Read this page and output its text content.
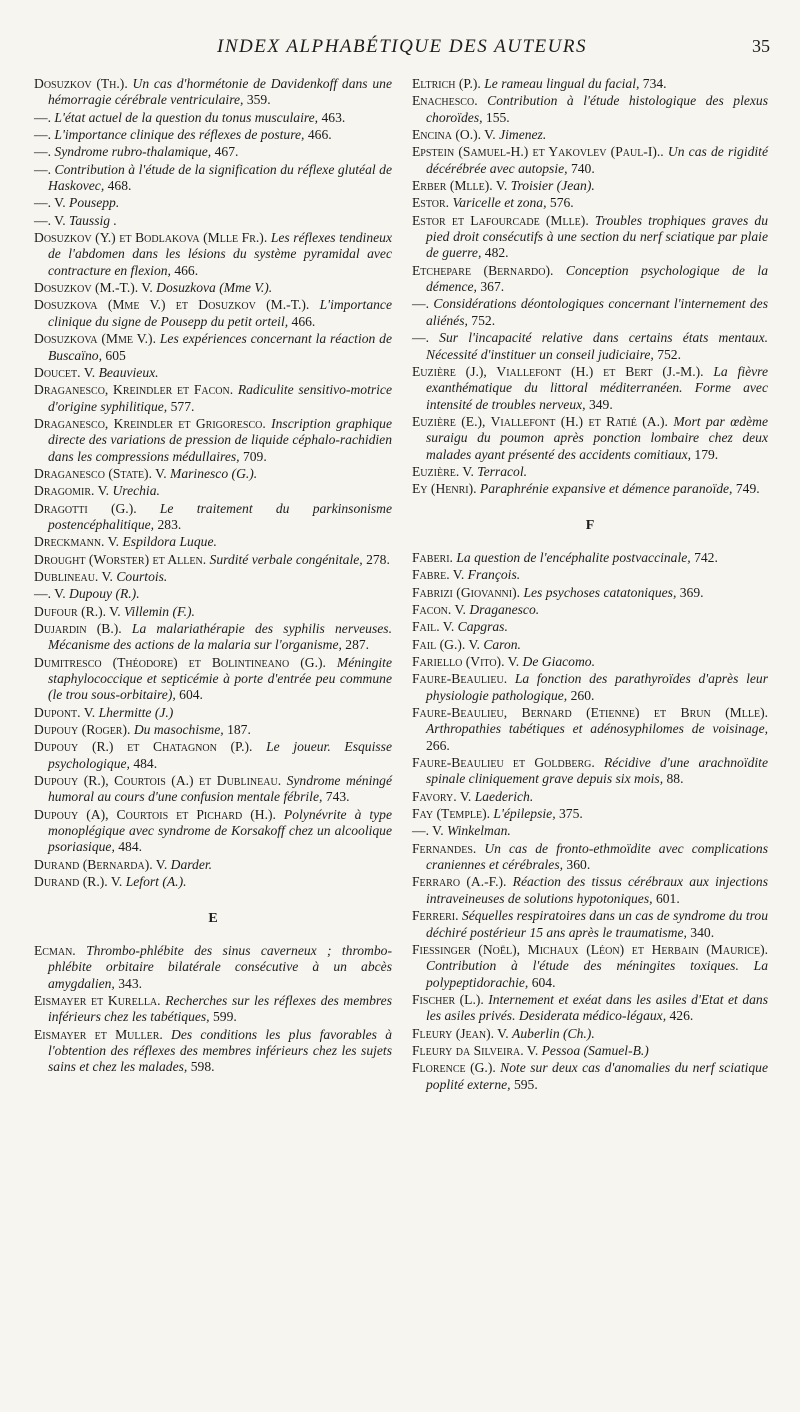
INDEX ALPHABÉTIQUE DES AUTEURS	35

Dosuzkov (Th.). Un cas d'hormétonie de Davidenkoff dans une hémorragie cérébrale ventriculaire, 359.

—. L'état actuel de la question du tonus musculaire, 463.

—. L'importance clinique des réflexes de posture, 466.

—. Syndrome rubro-thalamique, 467.

—. Contribution à l'étude de la signification du réflexe glutéal de Haskovec, 468.

—. V. Pousepp.

—. V. Taussig .

Dosuzkov (Y.) et Bodlakova (Mlle Fr.). Les réflexes tendineux de l'abdomen dans les lésions du système pyramidal avec contracture en flexion, 466.

Dosuzkov (M.-T.). V. Dosuzkova (Mme V.).

Dosuzkova (Mme V.) et Dosuzkov (M.-T.). L'importance clinique du signe de Pousepp du petit orteil, 466.

Dosuzkova (Mme V.). Les expériences concernant la réaction de Buscaïno, 605

Doucet. V. Beauvieux.

Draganesco, Kreindler et Facon. Radiculite sensitivo-motrice d'origine syphilitique, 577.

Draganesco, Kreindler et Grigoresco. Inscription graphique directe des variations de pression de liquide céphalo-rachidien dans les compressions médullaires, 709.

Draganesco (State). V. Marinesco (G.).

Dragomir. V. Urechia.

Dragotti (G.). Le traitement du parkinsonisme postencéphalitique, 283.

Dreckmann. V. Espildora Luque.

Drought (Worster) et Allen. Surdité verbale congénitale, 278.

Dublineau. V. Courtois.

—. V. Dupouy (R.).

Dufour (R.). V. Villemin (F.).

Dujardin (B.). La malariathérapie des syphilis nerveuses. Mécanisme des actions de la malaria sur l'organisme, 287.

Dumitresco (Théodore) et Bolintineano (G.). Méningite staphylococcique et septicémie à porte d'entrée peu commune (le trou sous-orbitaire), 604.

Dupont. V. Lhermitte (J.)

Dupouy (Roger). Du masochisme, 187.

Dupouy (R.) et Chatagnon (P.). Le joueur. Esquisse psychologique, 484.

Dupouy (R.), Courtois (A.) et Dublineau. Syndrome méningé humoral au cours d'une confusion mentale fébrile, 743.

Dupouy (A), Courtois et Pichard (H.). Polynévrite à type monoplégique avec syndrome de Korsakoff chez un alcoolique psoriasique, 484.

Durand (Bernarda). V. Darder.

Durand (R.). V. Lefort (A.).

E

Ecman. Thrombo-phlébite des sinus caverneux ; thrombo-phlébite orbitaire bilatérale consécutive à un abcès amygdalien, 343.

Eismayer et Kurella. Recherches sur les réflexes des membres inférieurs chez les tabétiques, 599.

Eismayer et Muller. Des conditions les plus favorables à l'obtention des réflexes des membres inférieurs chez les sujets sains et chez les malades, 598.

Eltrich (P.). Le rameau lingual du facial, 734.

Enachesco. Contribution à l'étude histologique des plexus choroïdes, 155.

Encina (O.). V. Jimenez.

Epstein (Samuel-H.) et Yakovlev (Paul-I).. Un cas de rigidité décérébrée avec autopsie, 740.

Erber (Mlle). V. Troisier (Jean).

Estor. Varicelle et zona, 576.

Estor et Lafourcade (Mlle). Troubles trophiques graves du pied droit consécutifs à une section du nerf sciatique par plaie de guerre, 482.

Etchepare (Bernardo). Conception psychologique de la démence, 367.

—. Considérations déontologiques concernant l'internement des aliénés, 752.

—. Sur l'incapacité relative dans certains états mentaux. Nécessité d'instituer un conseil judiciaire, 752.

Euzière (J.), Viallefont (H.) et Bert (J.-M.). La fièvre exanthématique du littoral méditerranéen. Forme avec intensité de troubles nerveux, 349.

Euzière (E.), Viallefont (H.) et Ratié (A.). Mort par œdème suraigu du poumon après ponction lombaire chez deux malades ayant présenté des accidents comitiaux, 179.

Euzière. V. Terracol.

Ey (Henri). Paraphrénie expansive et démence paranoïde, 749.

F

Faberi. La question de l'encéphalite postvaccinale, 742.

Fabre. V. François.

Fabrizi (Giovanni). Les psychoses catatoniques, 369.

Facon. V. Draganesco.

Fail. V. Capgras.

Fail (G.). V. Caron.

Fariello (Vito). V. De Giacomo.

Faure-Beaulieu. La fonction des parathyroïdes d'après leur physiologie pathologique, 260.

Faure-Beaulieu, Bernard (Etienne) et Brun (Mlle). Arthropathies tabétiques et adénosyphilomes de voisinage, 266.

Faure-Beaulieu et Goldberg. Récidive d'une arachnoïdite spinale cliniquement grave depuis six mois, 88.

Favory. V. Laederich.

Fay (Temple). L'épilepsie, 375.

—. V. Winkelman.

Fernandes. Un cas de fronto-ethmoïdite avec complications craniennes et cérébrales, 360.

Ferraro (A.-F.). Réaction des tissus cérébraux aux injections intraveineuses de solutions hypotoniques, 601.

Ferreri. Séquelles respiratoires dans un cas de syndrome du trou déchiré postérieur 15 ans après le traumatisme, 340.

Fiessinger (Noël), Michaux (Léon) et Herbain (Maurice). Contribution à l'étude des méningites toxiques. La polypeptidorachie, 604.

Fischer (L.). Internement et exéat dans les asiles d'Etat et dans les asiles privés. Desiderata médico-légaux, 426.

Fleury (Jean). V. Auberlin (Ch.).

Fleury da Silveira. V. Pessoa (Samuel-B.)

Florence (G.). Note sur deux cas d'anomalies du nerf sciatique poplité externe, 595.
